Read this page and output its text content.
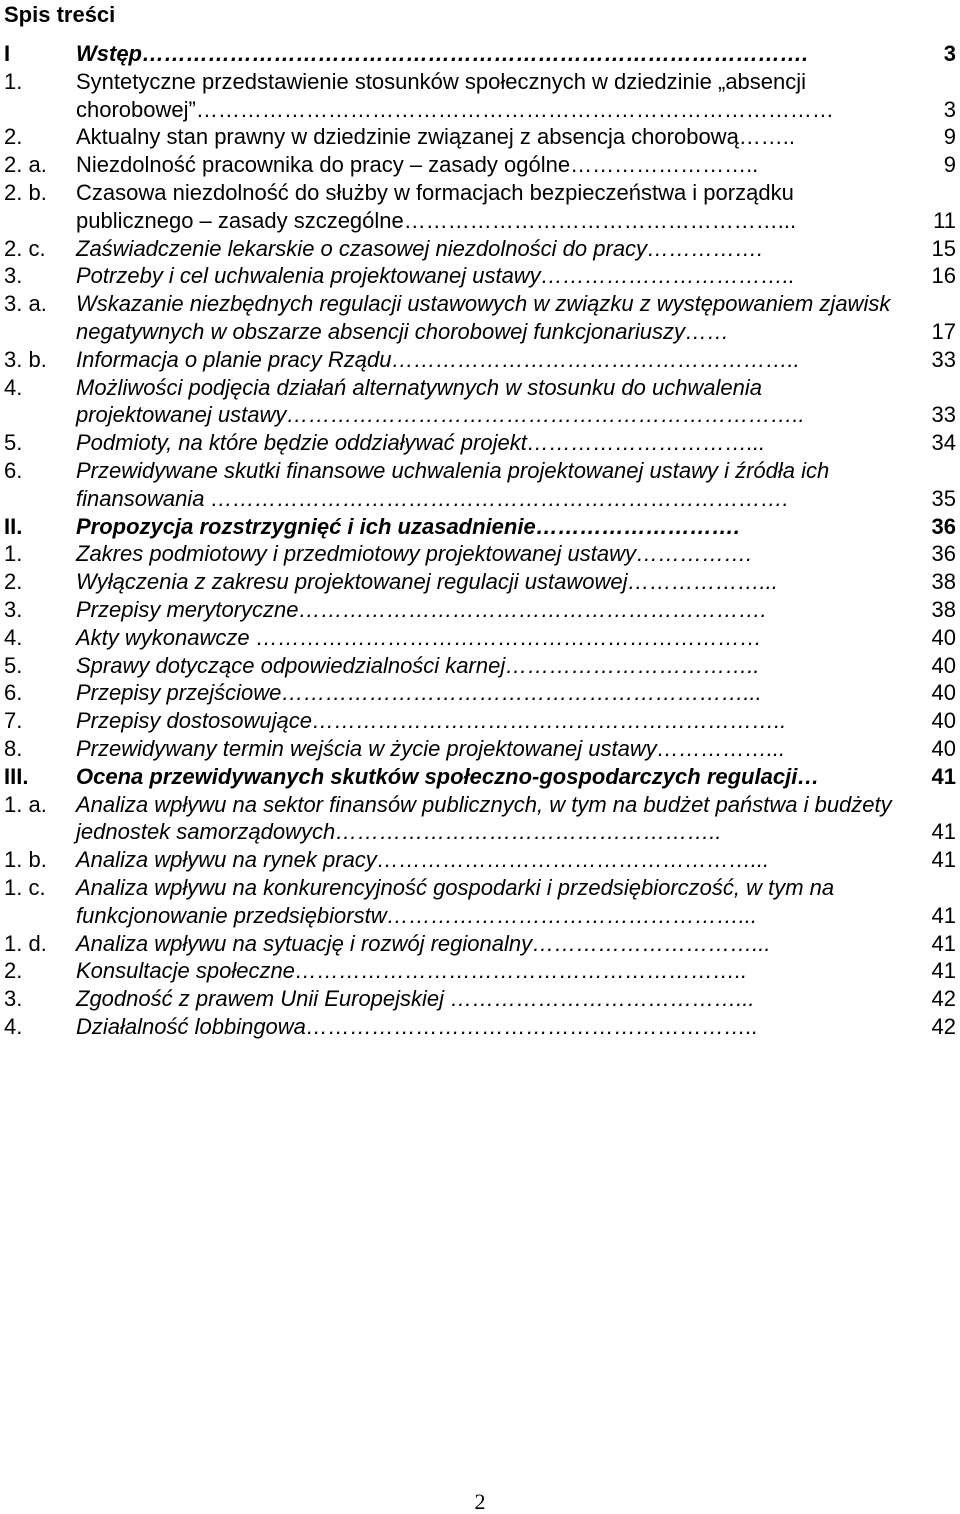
Spis treści
I	Wstęp……………………………………………………………………………….	3
1.	Syntetyczne przedstawienie stosunków społecznych w dziedzinie „absencji chorobowej”……………………………………………………………………………	3
2.	Aktualny stan prawny w dziedzinie związanej z absencja chorobową……..	9
2. a.	Niezdolność pracownika do pracy – zasady ogólne……………………..	9
2. b.	Czasowa niezdolność do służby w formacjach bezpieczeństwa i porządku publicznego – zasady szczególne……………………………………………...	11
2. c.	Zaświadczenie lekarskie o czasowej niezdolności do pracy…………….	15
3.	Potrzeby i cel uchwalenia projektowanej ustawy……………………………..	16
3. a.	Wskazanie niezbędnych regulacji ustawowych w związku z występowaniem zjawisk negatywnych w obszarze absencji chorobowej funkcjonariuszy……	17
3. b.	Informacja o planie pracy Rządu………………………………………………..	33
4.	Możliwości podjęcia działań alternatywnych w stosunku do uchwalenia projektowanej ustawy……………………………………………………………..	33
5.	Podmioty, na które będzie oddziaływać projekt…………………………...	34
6.	Przewidywane skutki finansowe uchwalenia projektowanej ustawy i źródła ich finansowania …………………………………………………………………….	35
II.	Propozycja rozstrzygnięć i ich uzasadnienie……………………….	36
1.	Zakres podmiotowy i przedmiotowy projektowanej ustawy…………….	36
2.	Wyłączenia z zakresu projektowanej regulacji ustawowej………………...	38
3.	Przepisy merytoryczne……………………………………………………….	38
4.	Akty wykonawcze ……………………………………………………………	40
5.	Sprawy dotyczące odpowiedzialności karnej……………………………..	40
6.	Przepisy przejściowe………………………………………………………...	40
7.	Przepisy dostosowujące………………………………………………………..	40
8.	Przewidywany termin wejścia w życie projektowanej ustawy……………...	40
III.	Ocena przewidywanych skutków społeczno-gospodarczych regulacji…	41
1. a.	Analiza wpływu na sektor finansów publicznych, w tym na budżet państwa i budżety jednostek samorządowych……………………………………………..	41
1. b.	Analiza wpływu na rynek pracy……………………………………………...	41
1. c.	Analiza wpływu na konkurencyjność gospodarki i przedsiębiorczość, w tym na funkcjonowanie przedsiębiorstw…………………………………………...	41
1. d.	Analiza wpływu na sytuację i rozwój regionalny…………………………...	41
2.	Konsultacje społeczne……………………………………………………..	41
3.	Zgodność z prawem Unii Europejskiej …………………………………...	42
4.	Działalność lobbingowa……………………………………………………..	42
2
